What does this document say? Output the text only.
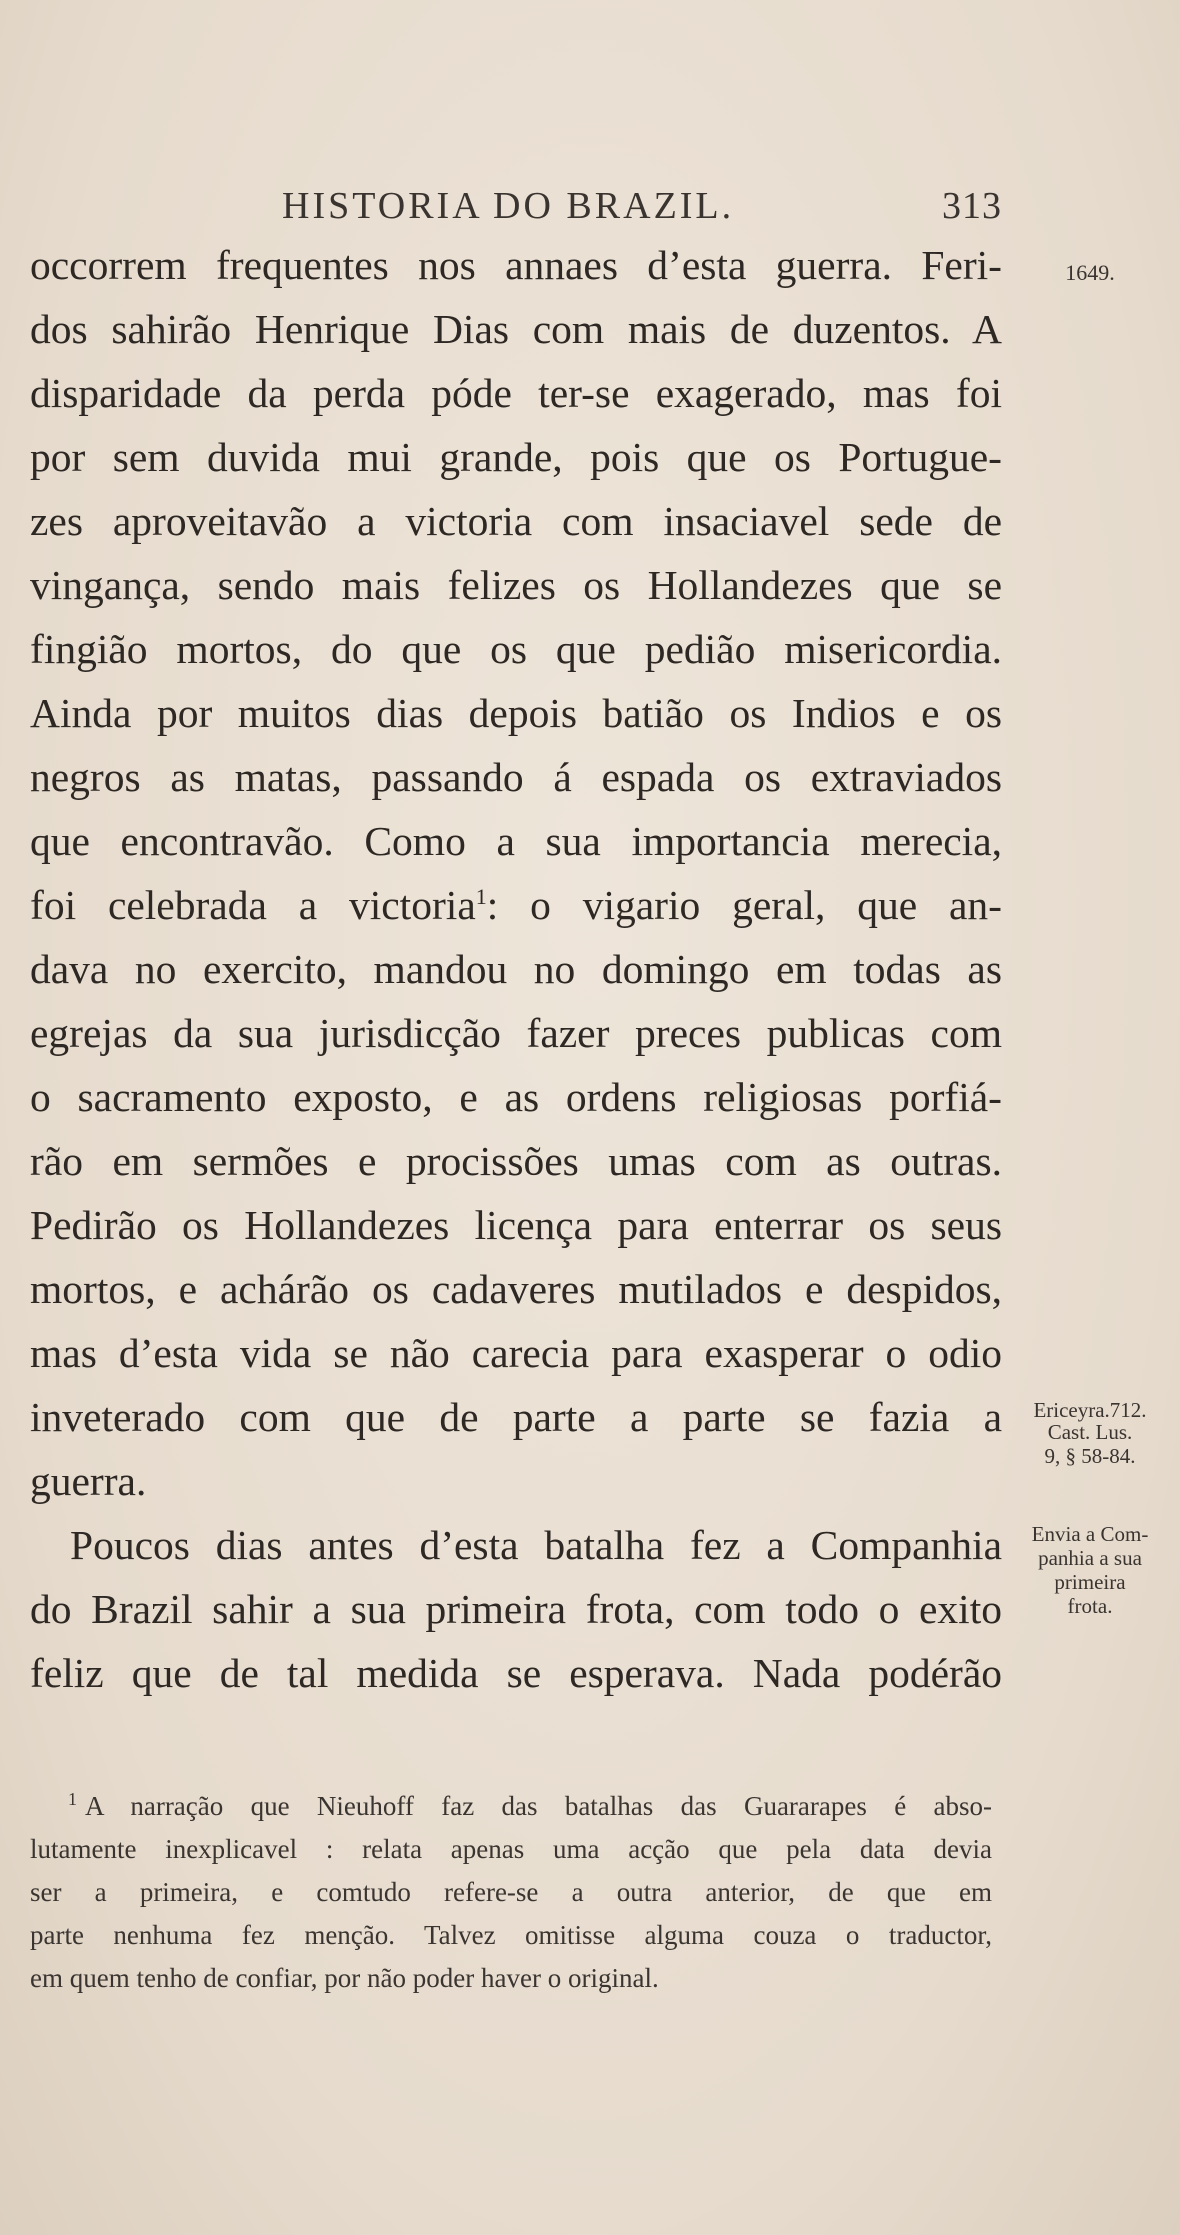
HISTORIA DO BRAZIL.	313
occorrem frequentes nos annaes d’esta guerra. Feri-
dos sahirão Henrique Dias com mais de duzentos. A
disparidade da perda póde ter-se exagerado, mas foi
por sem duvida mui grande, pois que os Portugue-
zes aproveitavão a victoria com insaciavel sede de
vingança, sendo mais felizes os Hollandezes que se
fingião mortos, do que os que pedião misericordia.
Ainda por muitos dias depois batião os Indios e os
negros as matas, passando á espada os extraviados
que encontravão. Como a sua importancia merecia,
foi celebrada a victoria$^1$: o vigario geral, que an-
dava no exercito, mandou no domingo em todas as
egrejas da sua jurisdicção fazer preces publicas com
o sacramento exposto, e as ordens religiosas porfiá-
rão em sermões e procissões umas com as outras.
Pedirão os Hollandezes licença para enterrar os seus
mortos, e achárão os cadaveres mutilados e despidos,
mas d’esta vida se não carecia para exasperar o odio
inveterado com que de parte a parte se fazia a
guerra.
Poucos dias antes d’esta batalha fez a Companhia
do Brazil sahir a sua primeira frota, com todo o exito
feliz que de tal medida se esperava. Nada podérão
1649.
Ericeyra.712.
Cast. Lus.
9, § 58-84.
Envia a Com-
panhia a sua
primeira
frota.
$^1$ A narração que Nieuhoff faz das batalhas das Guararapes é abso-
lutamente inexplicavel : relata apenas uma acção que pela data devia
ser a primeira, e comtudo refere-se a outra anterior, de que em
parte nenhuma fez menção. Talvez omitisse alguma couza o traductor,
em quem tenho de confiar, por não poder haver o original.
